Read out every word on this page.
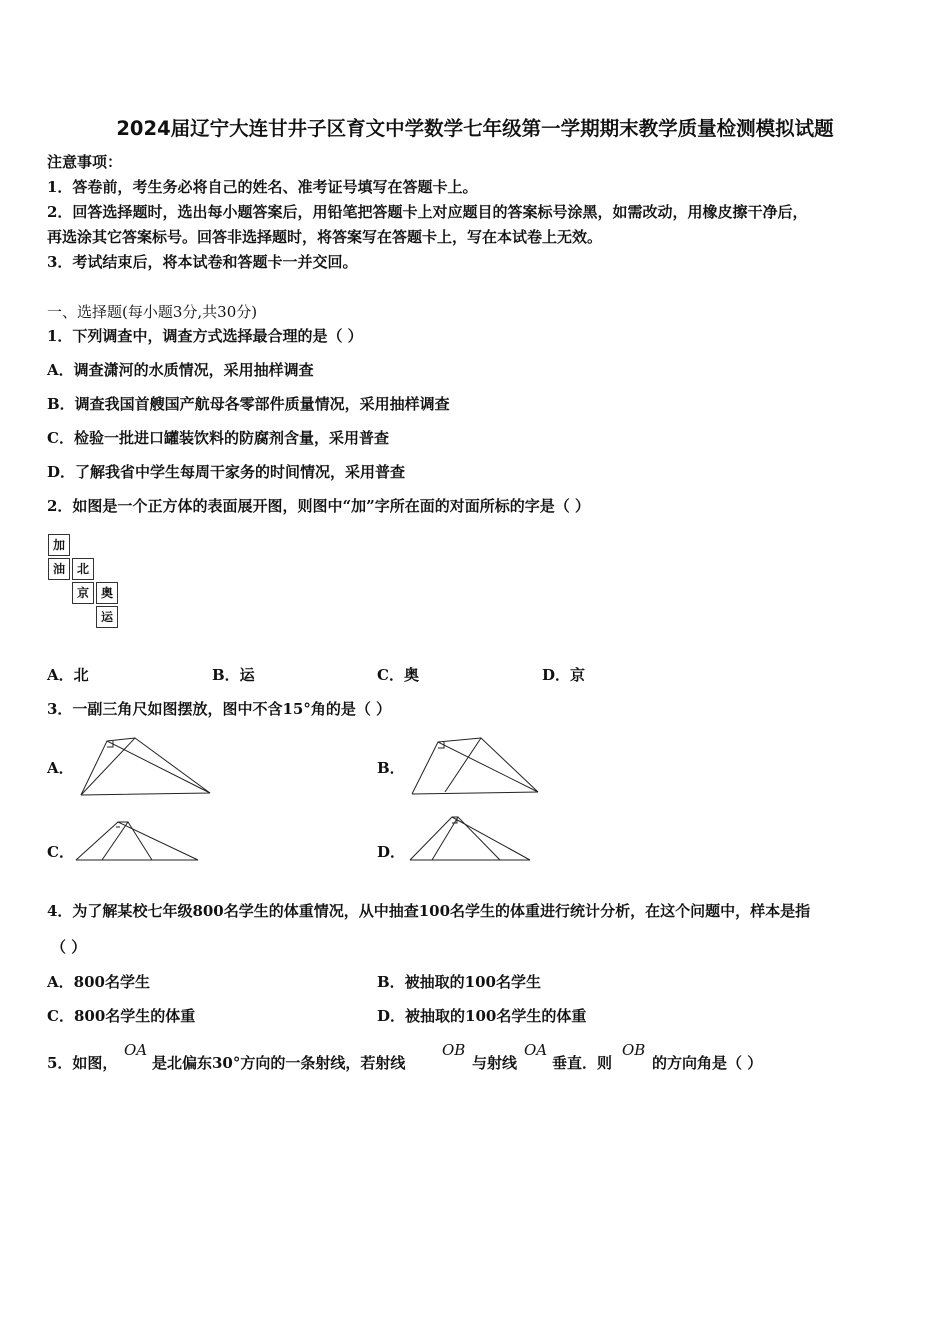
2024届辽宁大连甘井子区育文中学数学七年级第一学期期末教学质量检测模拟试题
注意事项：
1．答卷前，考生务必将自己的姓名、准考证号填写在答题卡上。
2．回答选择题时，选出每小题答案后，用铅笔把答题卡上对应题目的答案标号涂黑，如需改动，用橡皮擦干净后，
再选涂其它答案标号。回答非选择题时，将答案写在答题卡上，写在本试卷上无效。
3．考试结束后，将本试卷和答题卡一并交回。
一、选择题(每小题3分,共30分)
1．下列调查中，调查方式选择最合理的是（ ）
A．调查潇河的水质情况，采用抽样调查
B．调查我国首艘国产航母各零部件质量情况，采用抽样调查
C．检验一批进口罐装饮料的防腐剂含量，采用普查
D．了解我省中学生每周干家务的时间情况，采用普查
2．如图是一个正方体的表面展开图，则图中“加”字所在面的对面所标的字是（ ）
加
油 北
京 奥
运
A．北	B．运	C．奥	D．京
3．一副三角尺如图摆放，图中不含15°角的是（ ）
A．	B．
C．	D．
4．为了解某校七年级800名学生的体重情况，从中抽查100名学生的体重进行统计分析，在这个问题中，样本是指
（ ）
A．800名学生	B．被抽取的100名学生
C．800名学生的体重	D．被抽取的100名学生的体重
5．如图，
OA
是北偏东30°方向的一条射线，若射线
OB
与射线
OA
垂直．则
OB
的方向角是（ ）
